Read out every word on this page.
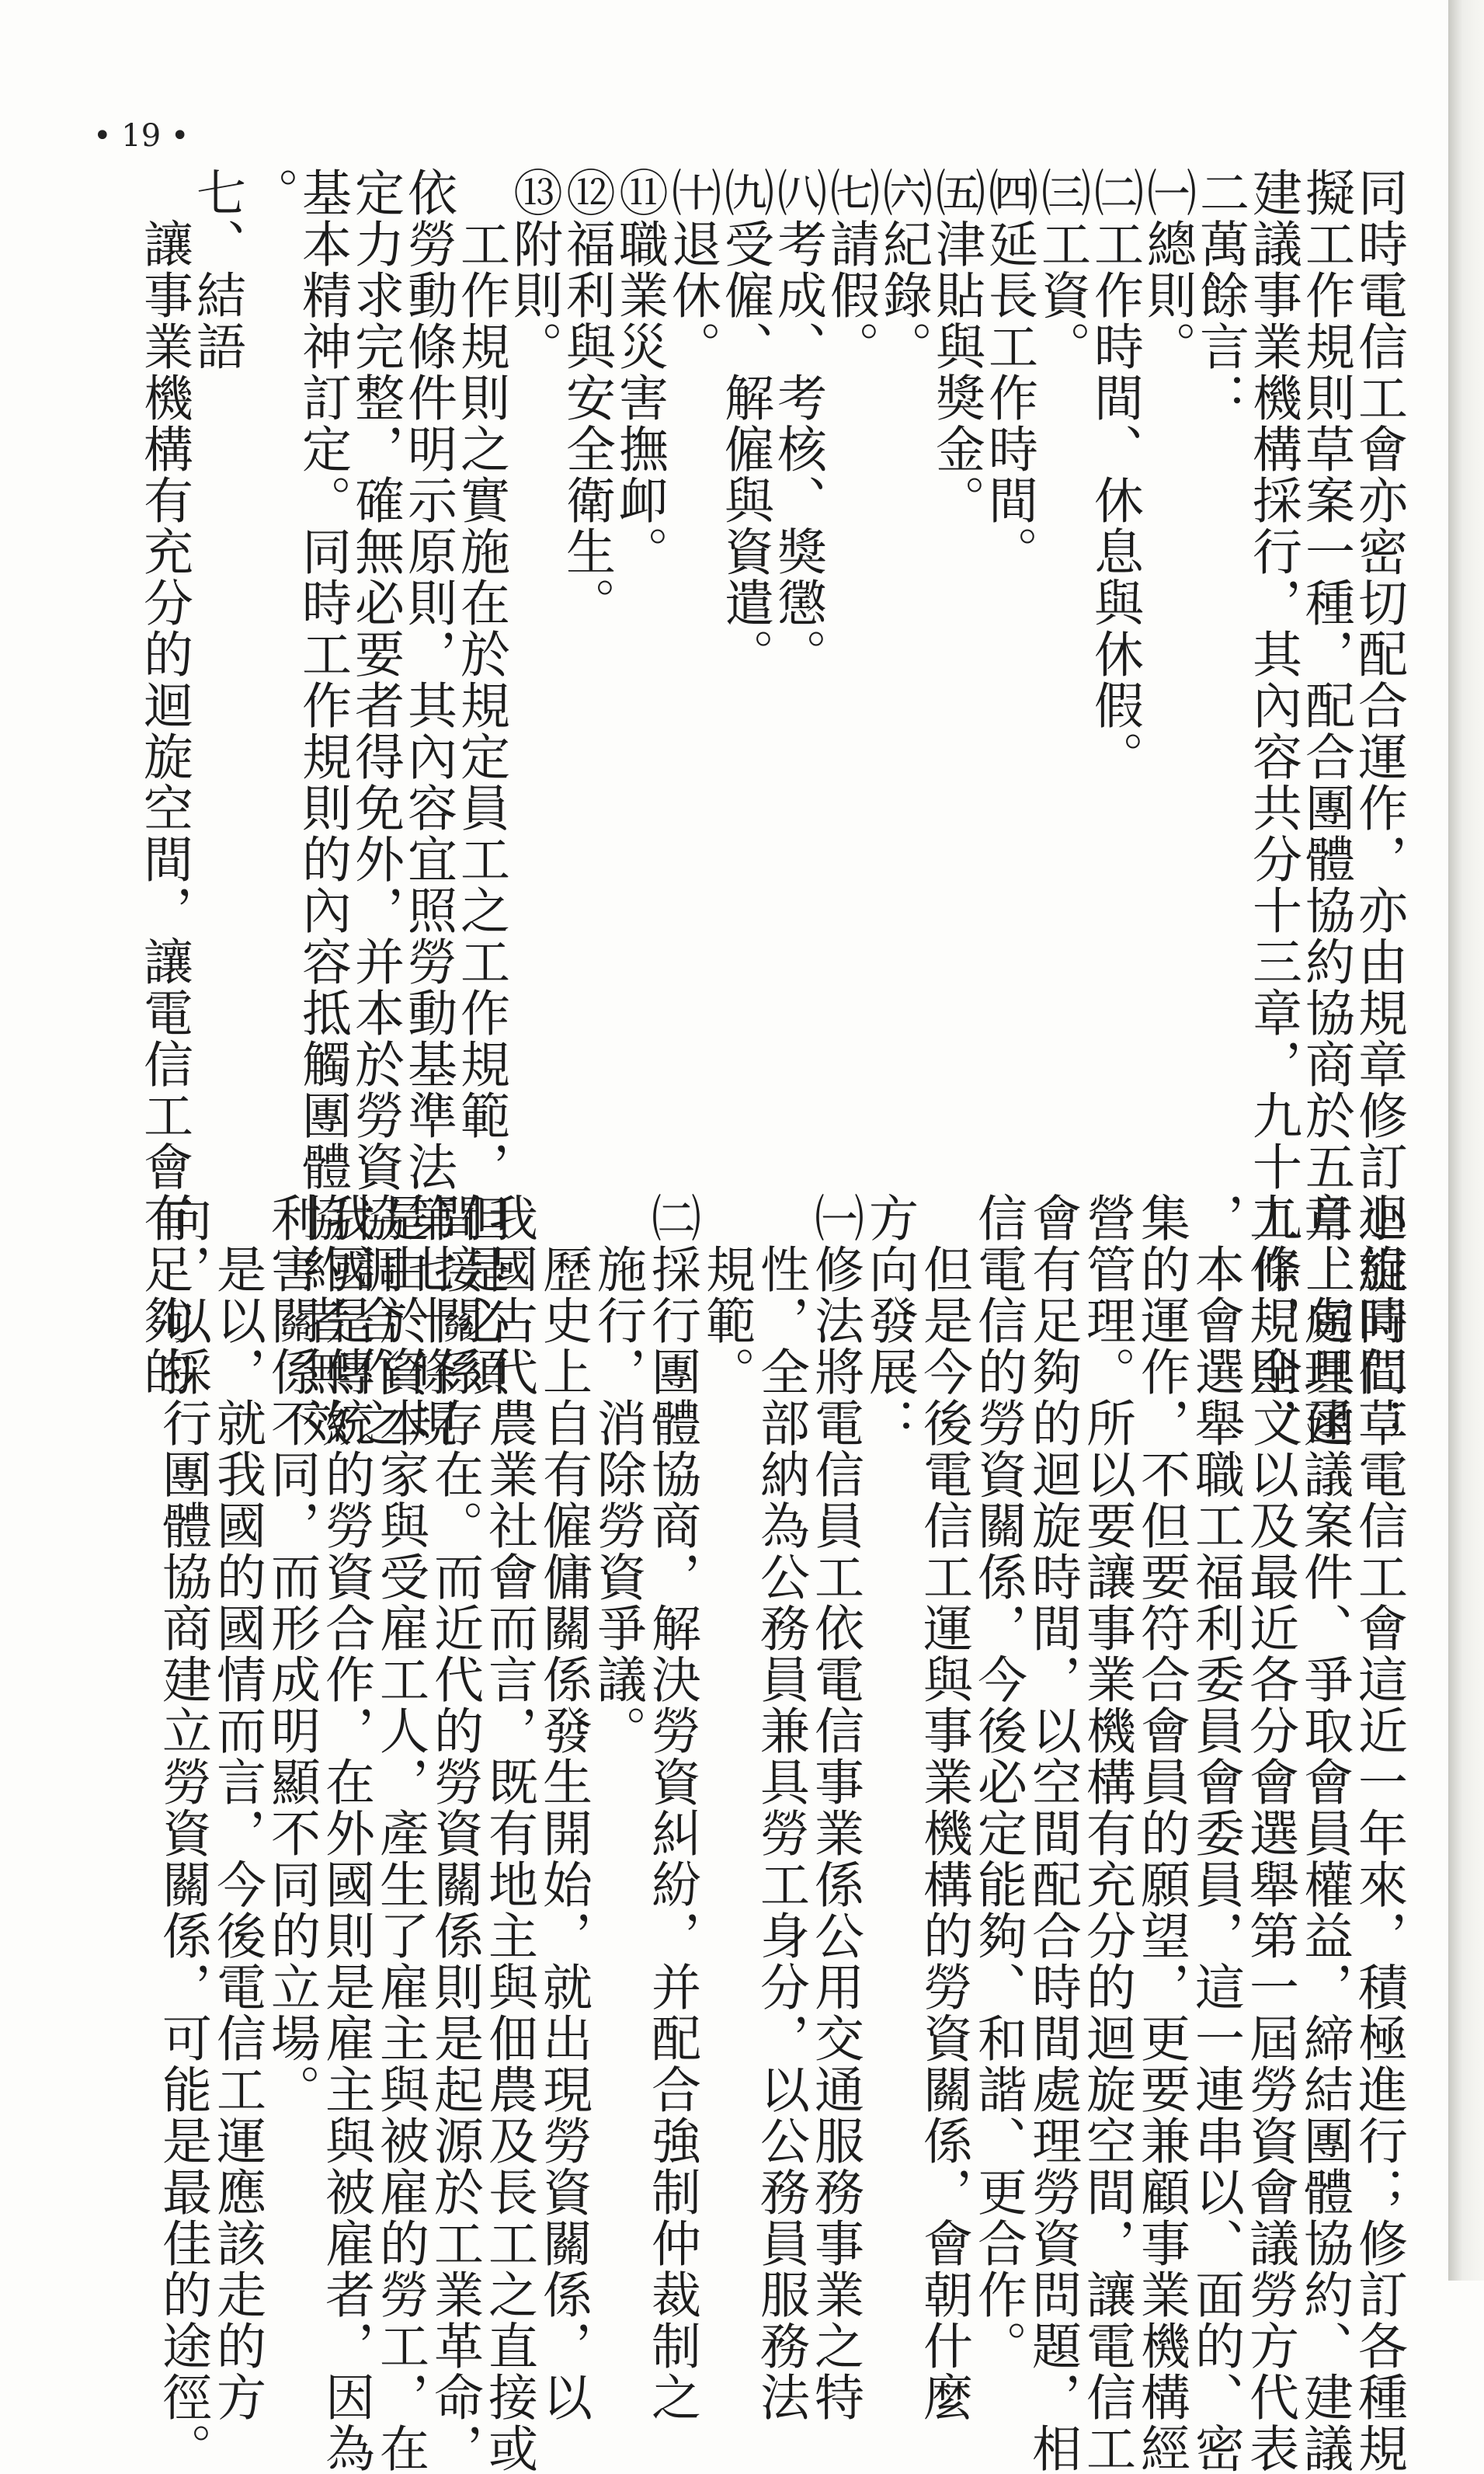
• 19 •
同時電信工會亦密切配合運作，亦由規章修訂小組同仁草
擬工作規則草案一種，配合團體協約協商於五月上旬具函
建議事業機構採行，其內容共分十三章，九十九條，全文
二萬餘言：
㈠總則。
㈡工作時間、休息與休假。
㈢工資。
㈣延長工作時間。
㈤津貼與獎金。
㈥紀錄。
㈦請假。
㈧考成、考核、獎懲。
㈨受僱、解僱與資遣。
㈩退休。
⑪職業災害撫卹。
⑫福利與安全衛生。
⑬附則。
　工作規則之實施在於規定員工之工作規範，但是必須
依勞動條件明示原則，其內容宜照勞動基準法第七十條規
定力求完整，確無必要者得免外，并本於勞資協調合作之
基本精神訂定。同時工作規則的內容抵觸團體協約者無效
。
七、結語
　讓事業機構有充分的迴旋空間，讓電信工會有足夠的
迴旋時間；電信工會這近一年來，積極進行；修訂各種規
章、處理建議案件、爭取會員權益，締結團體協約、建議
工作規則，以及最近各分會選舉第一屆勞資會議勞方代表
，本會選舉職工福利委員會委員，這一連串以、面的、密
集的運作，不但要符合會員的願望，更要兼顧事業機構經
營管理。所以要讓事業機構有充分的迴旋空間，讓電信工
會有足夠的迴旋時間，以空間配合時間處理勞資問題，相
信電信的勞資關係，今後必定能夠、和諧、更合作。
　但是今後電信工運與事業機構的勞資關係，會朝什麼
方向發展：
㈠修法將電信員工依電信事業係公用交通服務事業之特
　性，全部納為公務員兼具勞工身分，以公務員服務法
　規範。
㈡採行團體協商，解決勞資糾紛，并配合強制仲裁制之
　施行，消除勞資爭議。
　歷史上自有僱傭關係發生開始，就出現勞資關係，以
我國古代農業社會而言，既有地主與佃農及長工之直接或
間接關係存在。而近代的勞資關係則是起源於工業革命，
是由於資本家與受雇工人，產生了雇主與被雇的勞工，在
我國是傳統的勞資合作，在外國則是雇主與被雇者，因為
利害關係不同，而形成明顯不同的立場。
　是以，就我國的國情而言，今後電信工運應該走的方
向，以採行團體協商建立勞資關係，可能是最佳的途徑。
